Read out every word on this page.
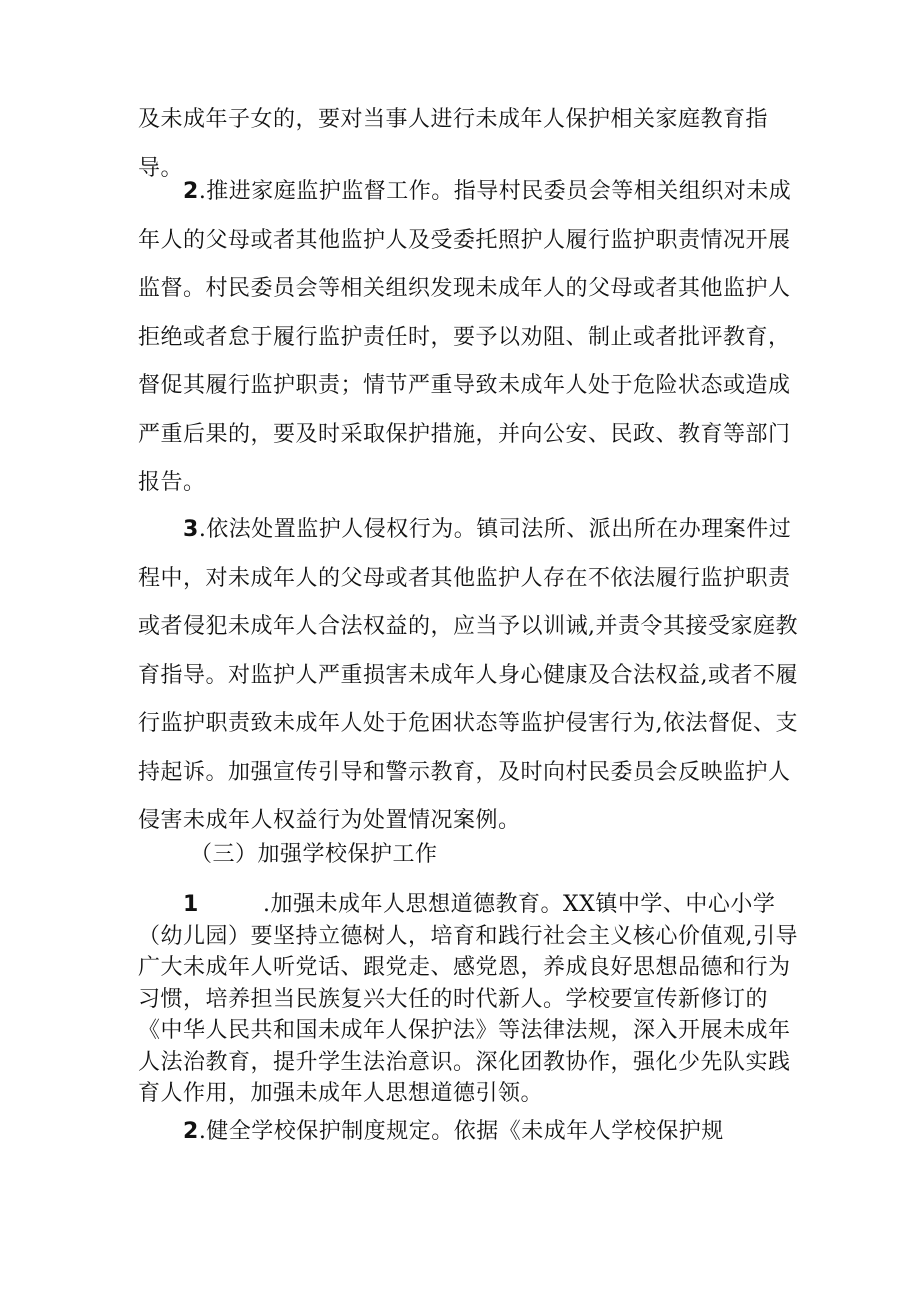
及未成年子女的，要对当事人进行未成年人保护相关家庭教育指导。

2.推进家庭监护监督工作。指导村民委员会等相关组织对未成年人的父母或者其他监护人及受委托照护人履行监护职责情况开展监督。村民委员会等相关组织发现未成年人的父母或者其他监护人拒绝或者怠于履行监护责任时，要予以劝阻、制止或者批评教育，督促其履行监护职责；情节严重导致未成年人处于危险状态或造成严重后果的，要及时采取保护措施，并向公安、民政、教育等部门报告。

3.依法处置监护人侵权行为。镇司法所、派出所在办理案件过程中，对未成年人的父母或者其他监护人存在不依法履行监护职责或者侵犯未成年人合法权益的，应当予以训诫,并责令其接受家庭教育指导。对监护人严重损害未成年人身心健康及合法权益,或者不履行监护职责致未成年人处于危困状态等监护侵害行为,依法督促、支持起诉。加强宣传引导和警示教育，及时向村民委员会反映监护人侵害未成年人权益行为处置情况案例。

（三）加强学校保护工作

1	.加强未成年人思想道德教育。XX镇中学、中心小学（幼儿园）要坚持立德树人，培育和践行社会主义核心价值观,引导广大未成年人听党话、跟党走、感党恩，养成良好思想品德和行为习惯，培养担当民族复兴大任的时代新人。学校要宣传新修订的《中华人民共和国未成年人保护法》等法律法规，深入开展未成年人法治教育，提升学生法治意识。深化团教协作，强化少先队实践育人作用，加强未成年人思想道德引领。

2.健全学校保护制度规定。依据《未成年人学校保护规
